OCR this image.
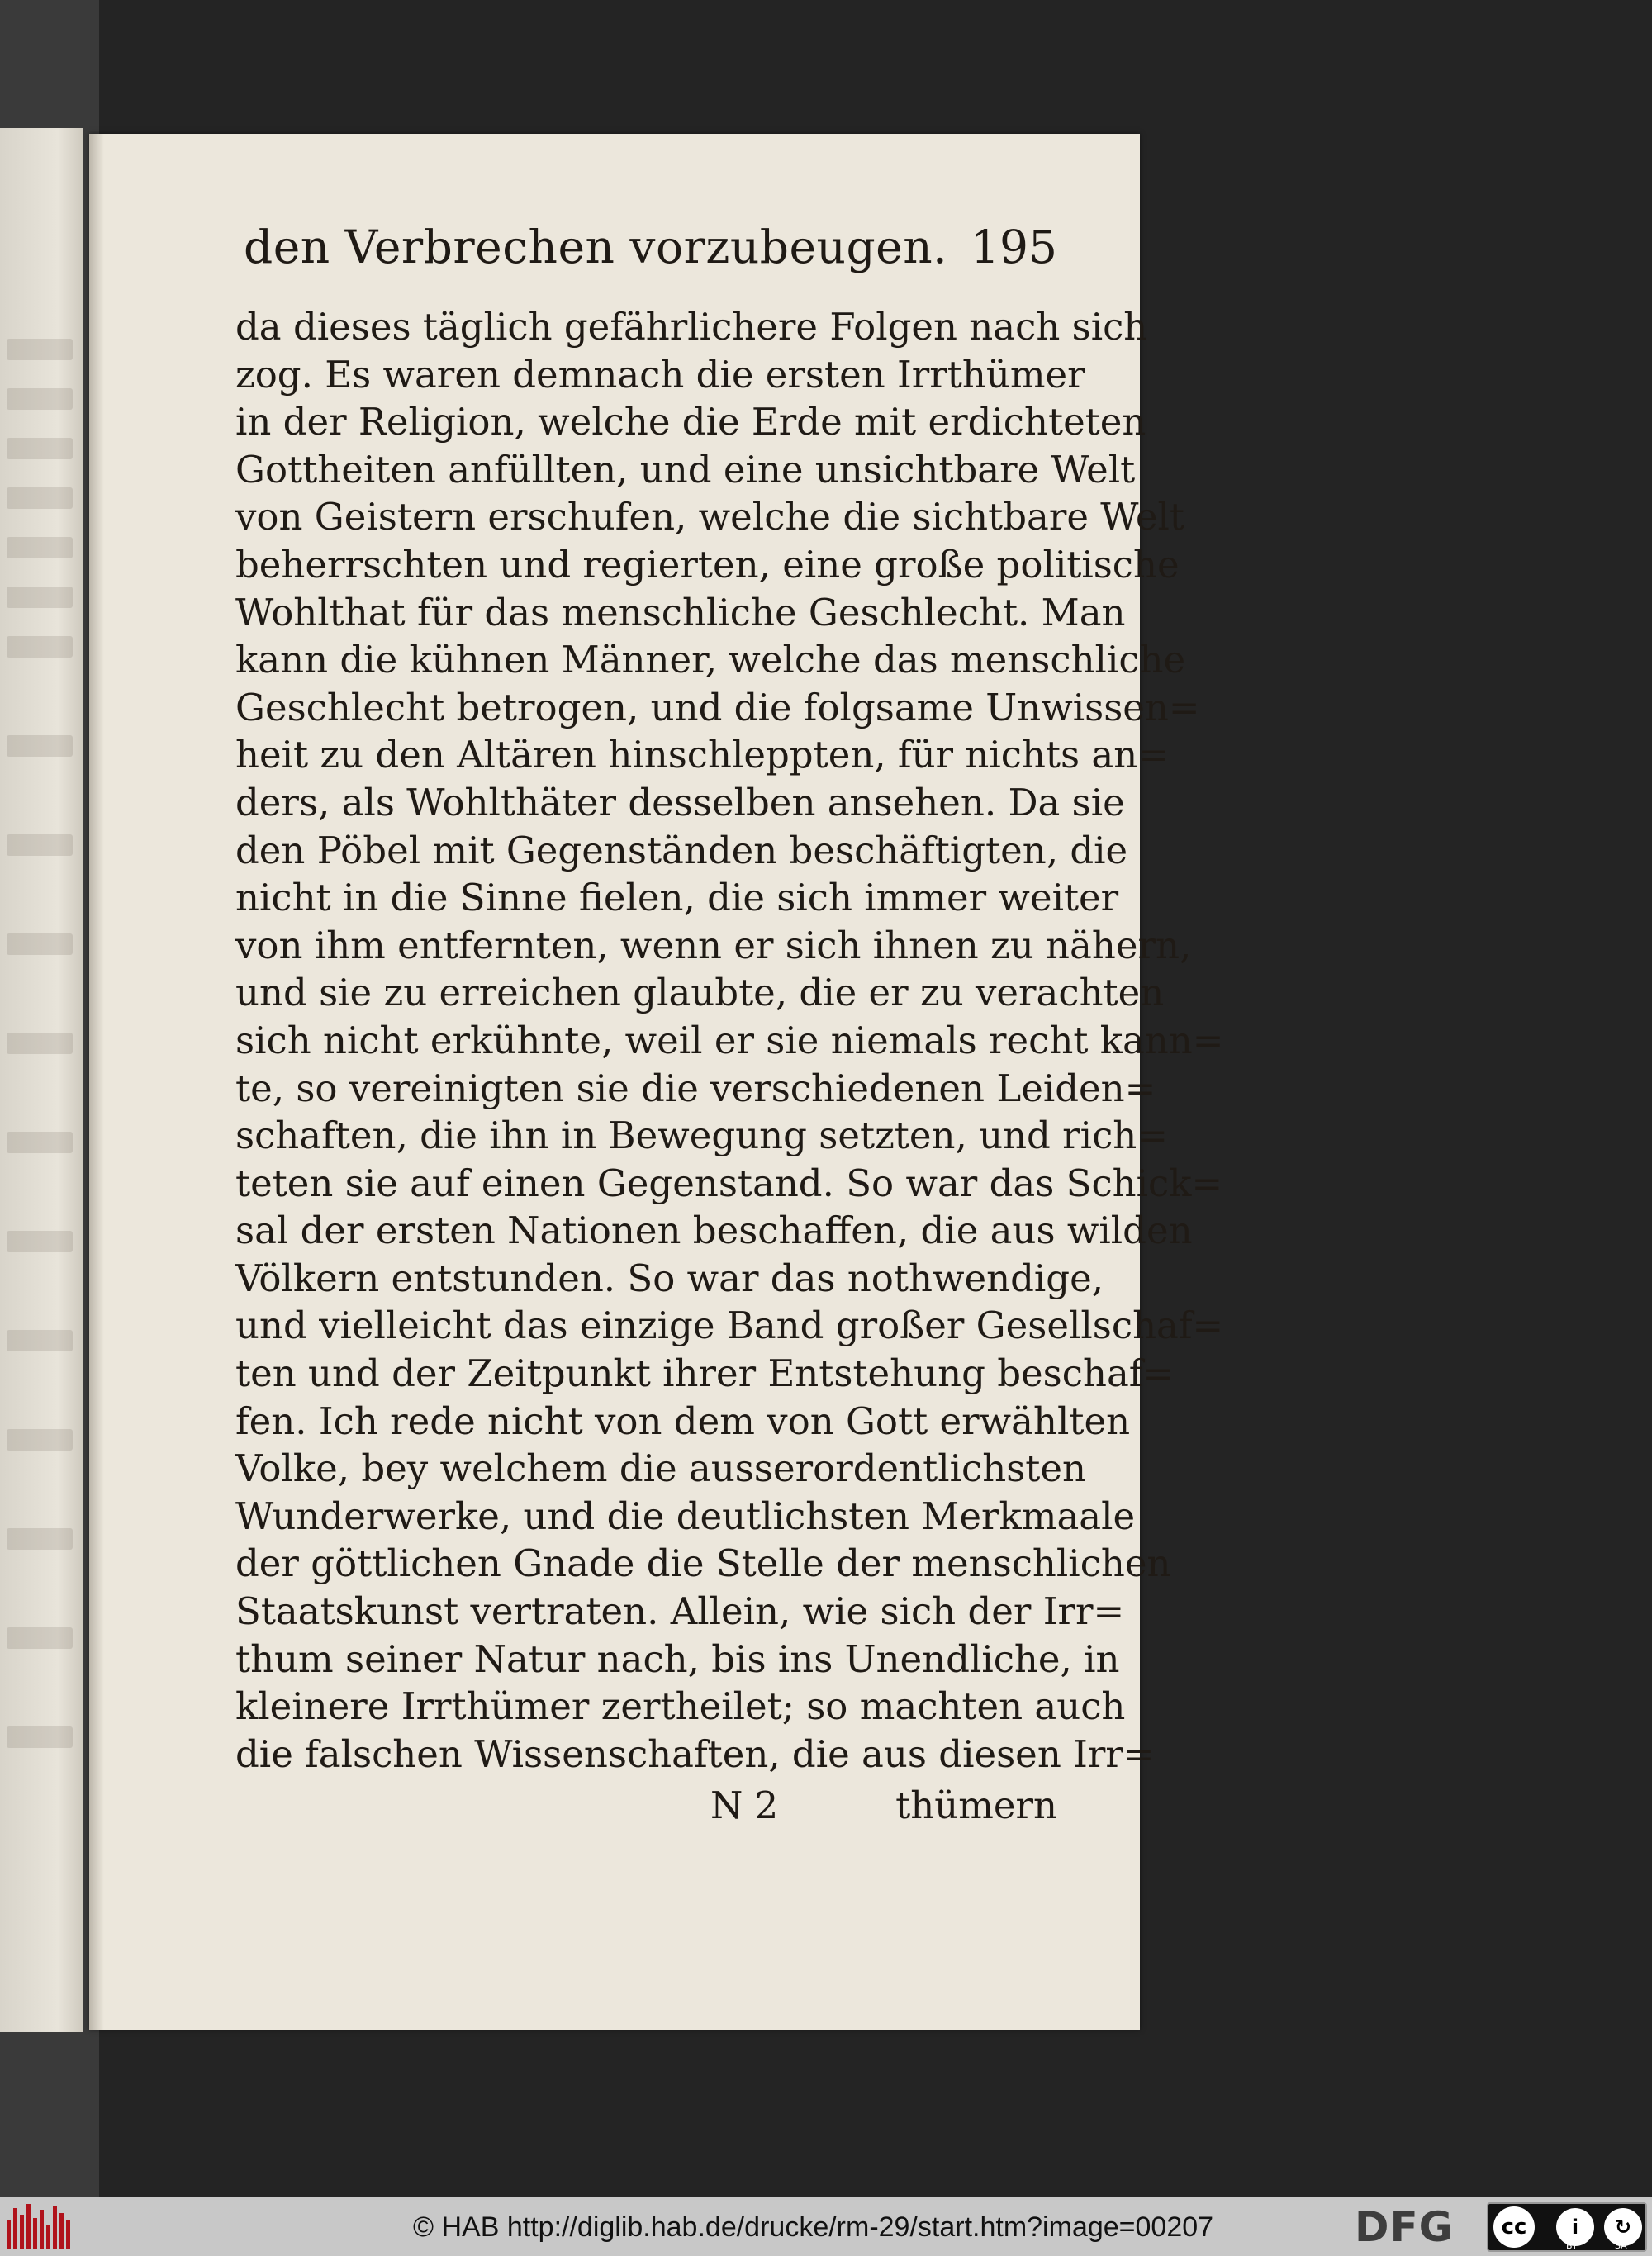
den Verbrechen vorzubeugen. 195
da dieses täglich gefährlichere Folgen nach sich
zog. Es waren demnach die ersten Irrthümer
in der Religion, welche die Erde mit erdichteten
Gottheiten anfüllten, und eine unsichtbare Welt
von Geistern erschufen, welche die sichtbare Welt
beherrschten und regierten, eine große politische
Wohlthat für das menschliche Geschlecht. Man
kann die kühnen Männer, welche das menschliche
Geschlecht betrogen, und die folgsame Unwissen=
heit zu den Altären hinschleppten, für nichts an=
ders, als Wohlthäter desselben ansehen. Da sie
den Pöbel mit Gegenständen beschäftigten, die
nicht in die Sinne fielen, die sich immer weiter
von ihm entfernten, wenn er sich ihnen zu nähern,
und sie zu erreichen glaubte, die er zu verachten
sich nicht erkühnte, weil er sie niemals recht kann=
te, so vereinigten sie die verschiedenen Leiden=
schaften, die ihn in Bewegung setzten, und rich=
teten sie auf einen Gegenstand. So war das Schick=
sal der ersten Nationen beschaffen, die aus wilden
Völkern entstunden. So war das nothwendige,
und vielleicht das einzige Band großer Gesellschaf=
ten und der Zeitpunkt ihrer Entstehung beschaf=
fen. Ich rede nicht von dem von Gott erwählten
Volke, bey welchem die ausserordentlichsten
Wunderwerke, und die deutlichsten Merkmaale
der göttlichen Gnade die Stelle der menschlichen
Staatskunst vertraten. Allein, wie sich der Irr=
thum seiner Natur nach, bis ins Unendliche, in
kleinere Irrthümer zertheilet; so machten auch
die falschen Wissenschaften, die aus diesen Irr=
N 2	thümern
© HAB http://diglib.hab.de/drucke/rm-29/start.htm?image=00207	DFG	cc	i	↻
BY	SA
